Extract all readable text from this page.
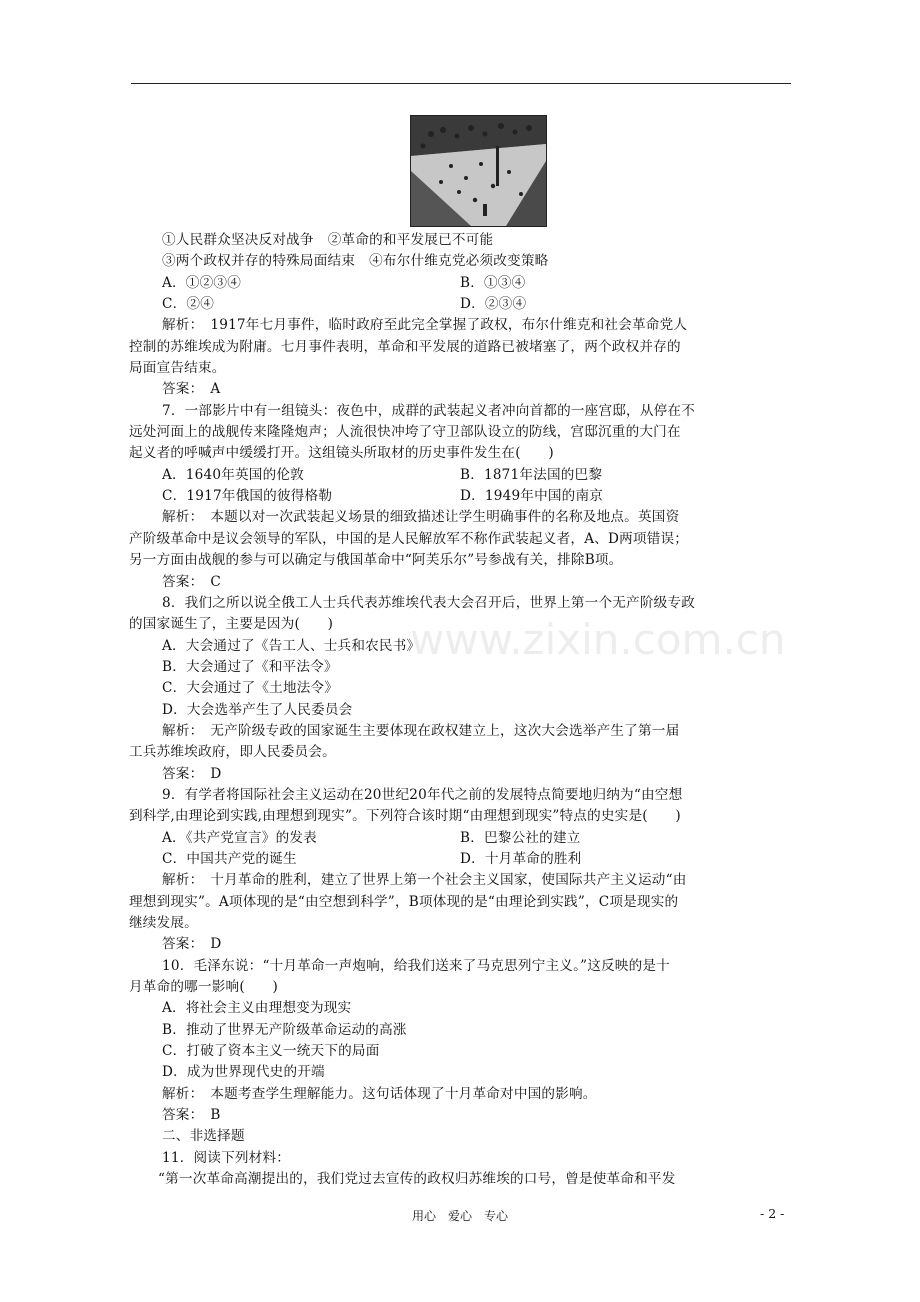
www.zixin.com.cn
①人民群众坚决反对战争 ②革命的和平发展已不可能
③两个政权并存的特殊局面结束 ④布尔什维克党必须改变策略
A．①②③④	B．①③④
C．②④	D．②③④
解析：　1917年七月事件，临时政府至此完全掌握了政权，布尔什维克和社会革命党人
控制的苏维埃成为附庸。七月事件表明，革命和平发展的道路已被堵塞了，两个政权并存的
局面宣告结束。
答案：　A
7．一部影片中有一组镜头：夜色中，成群的武装起义者冲向首都的一座宫邸，从停在不
远处河面上的战舰传来隆隆炮声；人流很快冲垮了守卫部队设立的防线，宫邸沉重的大门在
起义者的呼喊声中缓缓打开。这组镜头所取材的历史事件发生在(　　)
A．1640年英国的伦敦	B．1871年法国的巴黎
C．1917年俄国的彼得格勒	D．1949年中国的南京
解析：　本题以对一次武装起义场景的细致描述让学生明确事件的名称及地点。英国资
产阶级革命中是议会领导的军队，中国的是人民解放军不称作武装起义者，A、D两项错误；
另一方面由战舰的参与可以确定与俄国革命中“阿芙乐尔”号参战有关，排除B项。
答案：　C
8．我们之所以说全俄工人士兵代表苏维埃代表大会召开后，世界上第一个无产阶级专政
的国家诞生了，主要是因为(　　)
A．大会通过了《告工人、士兵和农民书》
B．大会通过了《和平法令》
C．大会通过了《土地法令》
D．大会选举产生了人民委员会
解析：　无产阶级专政的国家诞生主要体现在政权建立上，这次大会选举产生了第一届
工兵苏维埃政府，即人民委员会。
答案：　D
9．有学者将国际社会主义运动在20世纪20年代之前的发展特点简要地归纳为“由空想
到科学,由理论到实践,由理想到现实”。下列符合该时期“由理想到现实”特点的史实是(　　)
A．《共产党宣言》的发表	B．巴黎公社的建立
C．中国共产党的诞生	D．十月革命的胜利
解析：　十月革命的胜利，建立了世界上第一个社会主义国家，使国际共产主义运动“由
理想到现实”。A项体现的是“由空想到科学”，B项体现的是“由理论到实践”，C项是现实的
继续发展。
答案：　D
10．毛泽东说：“十月革命一声炮响，给我们送来了马克思列宁主义。”这反映的是十
月革命的哪一影响(　　)
A．将社会主义由理想变为现实
B．推动了世界无产阶级革命运动的高涨
C．打破了资本主义一统天下的局面
D．成为世界现代史的开端
解析：　本题考查学生理解能力。这句话体现了十月革命对中国的影响。
答案：　B
二、非选择题
11．阅读下列材料：
“第一次革命高潮提出的，我们党过去宣传的政权归苏维埃的口号，曾是使革命和平发
用心　爱心　专心	- 2 -
